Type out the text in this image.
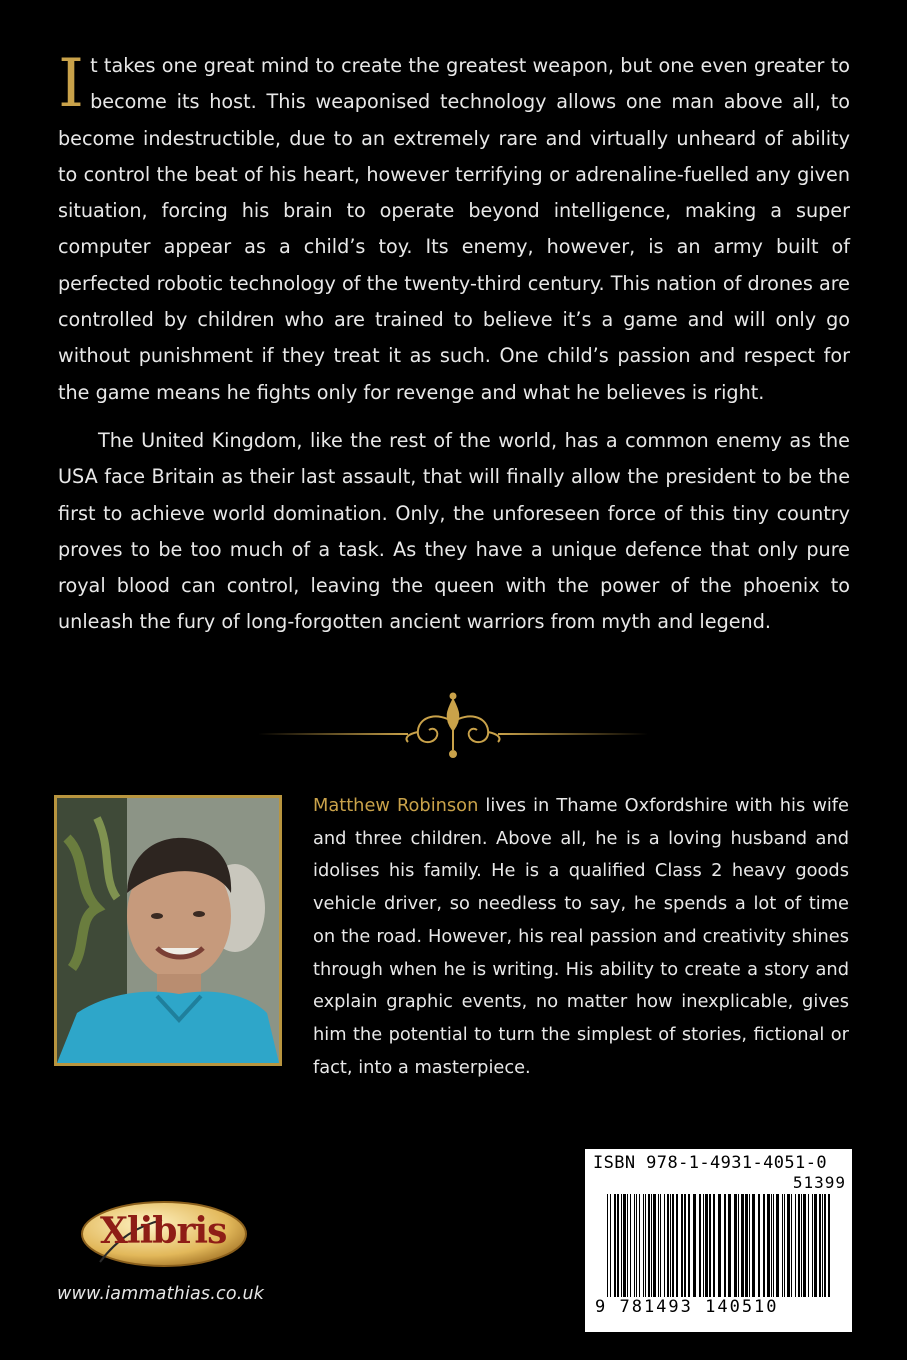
It takes one great mind to create the greatest weapon, but one even greater to become its host. This weaponised technology allows one man above all, to become indestructible, due to an extremely rare and virtually unheard of ability to control the beat of his heart, however terrifying or adrenaline-fuelled any given situation, forcing his brain to operate beyond intelligence, making a super computer appear as a child’s toy. Its enemy, however, is an army built of perfected robotic technology of the twenty-third century. This nation of drones are controlled by children who are trained to believe it’s a game and will only go without punishment if they treat it as such. One child’s passion and respect for the game means he fights only for revenge and what he believes is right.

The United Kingdom, like the rest of the world, has a common enemy as the USA face Britain as their last assault, that will finally allow the president to be the first to achieve world domination. Only, the unforeseen force of this tiny country proves to be too much of a task. As they have a unique defence that only pure royal blood can control, leaving the queen with the power of the phoenix to unleash the fury of long-forgotten ancient warriors from myth and legend.

Matthew Robinson lives in Thame Oxfordshire with his wife and three children. Above all, he is a loving husband and idolises his family. He is a qualified Class 2 heavy goods vehicle driver, so needless to say, he spends a lot of time on the road. However, his real passion and creativity shines through when he is writing. His ability to create a story and explain graphic events, no matter how inexplicable, gives him the potential to turn the simplest of stories, fictional or fact, into a masterpiece.

Xlibris
www.iammathias.co.uk
ISBN 978-1-4931-4051-0
51399
9 781493 140510
